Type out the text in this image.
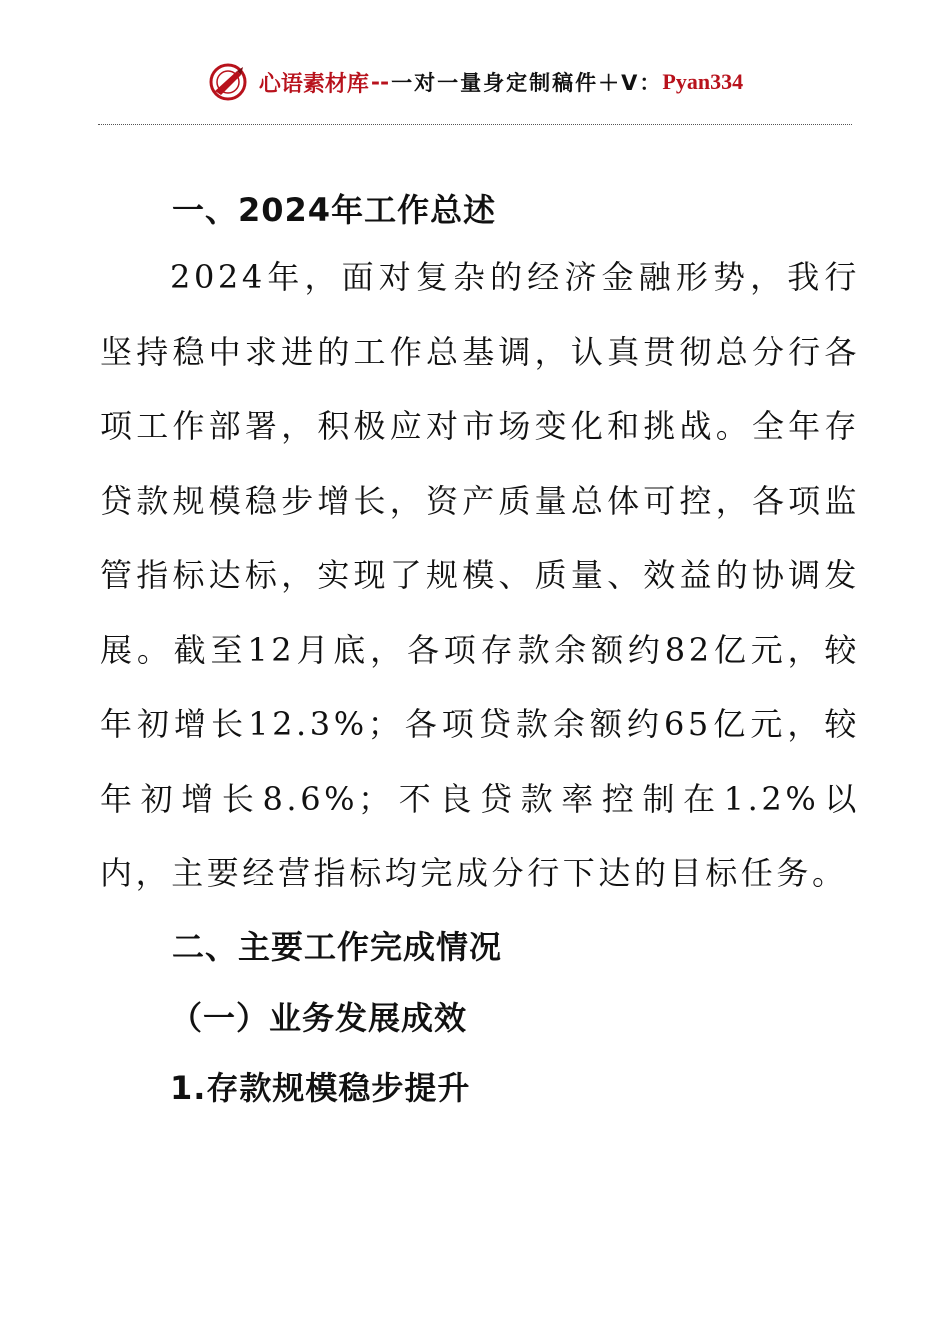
心语素材库 -- 一对一量身定制稿件＋V： Pyan334
一、2024年工作总述

2024年，面对复杂的经济金融形势，我行坚持稳中求进的工作总基调，认真贯彻总分行各项工作部署，积极应对市场变化和挑战。全年存贷款规模稳步增长，资产质量总体可控，各项监管指标达标，实现了规模、质量、效益的协调发展。截至12月底，各项存款余额约82亿元，较年初增长12.3%；各项贷款余额约65亿元，较年初增长8.6%；不良贷款率控制在1.2%以内，主要经营指标均完成分行下达的目标任务。

二、主要工作完成情况
（一）业务发展成效
1.存款规模稳步提升
